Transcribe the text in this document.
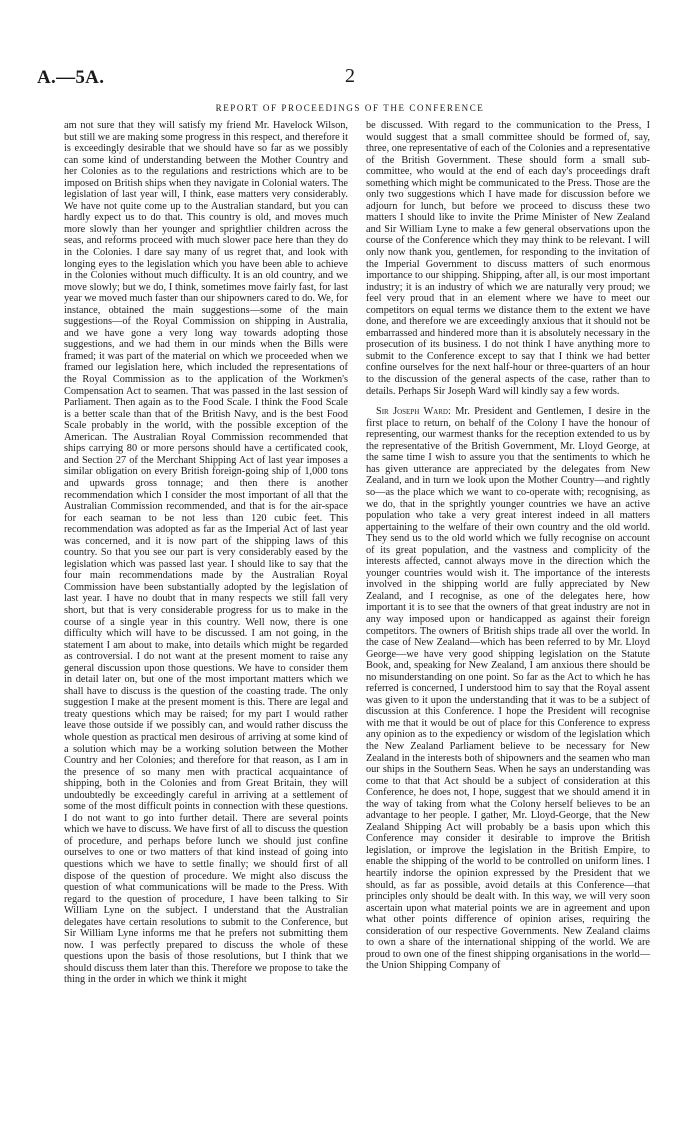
A.—5A.	2
REPORT OF PROCEEDINGS OF THE CONFERENCE

am not sure that they will satisfy my friend Mr. Havelock Wilson, but still we are making some progress in this respect, and therefore it is exceedingly desirable that we should have so far as we possibly can some kind of understanding between the Mother Country and her Colonies as to the regulations and restrictions which are to be imposed on British ships when they navigate in Colonial waters. The legislation of last year will, I think, ease matters very considerably. We have not quite come up to the Australian standard, but you can hardly expect us to do that. This country is old, and moves much more slowly than her younger and sprightlier children across the seas, and reforms proceed with much slower pace here than they do in the Colonies. I dare say many of us regret that, and look with longing eyes to the legislation which you have been able to achieve in the Colonies without much difficulty. It is an old country, and we move slowly; but we do, I think, sometimes move fairly fast, for last year we moved much faster than our shipowners cared to do. We, for instance, obtained the main suggestions—some of the main suggestions—of the Royal Commission on shipping in Australia, and we have gone a very long way towards adopting those suggestions, and we had them in our minds when the Bills were framed; it was part of the material on which we proceeded when we framed our legislation here, which included the representations of the Royal Commission as to the application of the Workmen's Compensation Act to seamen. That was passed in the last session of Parliament. Then again as to the Food Scale. I think the Food Scale is a better scale than that of the British Navy, and is the best Food Scale probably in the world, with the possible exception of the American. The Australian Royal Commission recommended that ships carrying 80 or more persons should have a certificated cook, and Section 27 of the Merchant Shipping Act of last year imposes a similar obligation on every British foreign-going ship of 1,000 tons and upwards gross tonnage; and then there is another recommendation which I consider the most important of all that the Australian Commission recommended, and that is for the air-space for each seaman to be not less than 120 cubic feet. This recommendation was adopted as far as the Imperial Act of last year was concerned, and it is now part of the shipping laws of this country. So that you see our part is very considerably eased by the legislation which was passed last year. I should like to say that the four main recommendations made by the Australian Royal Commission have been substantially adopted by the legislation of last year. I have no doubt that in many respects we still fall very short, but that is very considerable progress for us to make in the course of a single year in this country. Well now, there is one difficulty which will have to be discussed. I am not going, in the statement I am about to make, into details which might be regarded as controversial. I do not want at the present moment to raise any general discussion upon those questions. We have to consider them in detail later on, but one of the most important matters which we shall have to discuss is the question of the coasting trade. The only suggestion I make at the present moment is this. There are legal and treaty questions which may be raised; for my part I would rather leave those outside if we possibly can, and would rather discuss the whole question as practical men desirous of arriving at some kind of a solution which may be a working solution between the Mother Country and her Colonies; and therefore for that reason, as I am in the presence of so many men with practical acquaintance of shipping, both in the Colonies and from Great Britain, they will undoubtedly be exceedingly careful in arriving at a settlement of some of the most difficult points in connection with these questions. I do not want to go into further detail. There are several points which we have to discuss. We have first of all to discuss the question of procedure, and perhaps before lunch we should just confine ourselves to one or two matters of that kind instead of going into questions which we have to settle finally; we should first of all dispose of the question of procedure. We might also discuss the question of what communications will be made to the Press. With regard to the question of procedure, I have been talking to Sir William Lyne on the subject. I understand that the Australian delegates have certain resolutions to submit to the Conference, but Sir William Lyne informs me that he prefers not submitting them now. I was perfectly prepared to discuss the whole of these questions upon the basis of those resolutions, but I think that we should discuss them later than this. Therefore we propose to take the thing in the order in which we think it might

be discussed. With regard to the communication to the Press, I would suggest that a small committee should be formed of, say, three, one representative of each of the Colonies and a representative of the British Government. These should form a small sub-committee, who would at the end of each day's proceedings draft something which might be communicated to the Press. Those are the only two suggestions which I have made for discussion before we adjourn for lunch, but before we proceed to discuss these two matters I should like to invite the Prime Minister of New Zealand and Sir William Lyne to make a few general observations upon the course of the Conference which they may think to be relevant. I will only now thank you, gentlemen, for responding to the invitation of the Imperial Government to discuss matters of such enormous importance to our shipping. Shipping, after all, is our most important industry; it is an industry of which we are naturally very proud; we feel very proud that in an element where we have to meet our competitors on equal terms we distance them to the extent we have done, and therefore we are exceedingly anxious that it should not be embarrassed and hindered more than it is absolutely necessary in the prosecution of its business. I do not think I have anything more to submit to the Conference except to say that I think we had better confine ourselves for the next half-hour or three-quarters of an hour to the discussion of the general aspects of the case, rather than to details. Perhaps Sir Joseph Ward will kindly say a few words.

Sir Joseph Ward: Mr. President and Gentlemen, I desire in the first place to return, on behalf of the Colony I have the honour of representing, our warmest thanks for the reception extended to us by the representative of the British Government, Mr. Lloyd George, at the same time I wish to assure you that the sentiments to which he has given utterance are appreciated by the delegates from New Zealand, and in turn we look upon the Mother Country—and rightly so—as the place which we want to co-operate with; recognising, as we do, that in the sprightly younger countries we have an active population who take a very great interest indeed in all matters appertaining to the welfare of their own country and the old world. They send us to the old world which we fully recognise on account of its great population, and the vastness and complicity of the interests affected, cannot always move in the direction which the younger countries would wish it. The importance of the interests involved in the shipping world are fully appreciated by New Zealand, and I recognise, as one of the delegates here, how important it is to see that the owners of that great industry are not in any way imposed upon or handicapped as against their foreign competitors. The owners of British ships trade all over the world. In the case of New Zealand—which has been referred to by Mr. Lloyd George—we have very good shipping legislation on the Statute Book, and, speaking for New Zealand, I am anxious there should be no misunderstanding on one point. So far as the Act to which he has referred is concerned, I understood him to say that the Royal assent was given to it upon the understanding that it was to be a subject of discussion at this Conference. I hope the President will recognise with me that it would be out of place for this Conference to express any opinion as to the expediency or wisdom of the legislation which the New Zealand Parliament believe to be necessary for New Zealand in the interests both of shipowners and the seamen who man our ships in the Southern Seas. When he says an understanding was come to that that Act should be a subject of consideration at this Conference, he does not, I hope, suggest that we should amend it in the way of taking from what the Colony herself believes to be an advantage to her people. I gather, Mr. Lloyd-George, that the New Zealand Shipping Act will probably be a basis upon which this Conference may consider it desirable to improve the British legislation, or improve the legislation in the British Empire, to enable the shipping of the world to be controlled on uniform lines. I heartily indorse the opinion expressed by the President that we should, as far as possible, avoid details at this Conference—that principles only should be dealt with. In this way, we will very soon ascertain upon what material points we are in agreement and upon what other points difference of opinion arises, requiring the consideration of our respective Governments. New Zealand claims to own a share of the international shipping of the world. We are proud to own one of the finest shipping organisations in the world—the Union Shipping Company of
